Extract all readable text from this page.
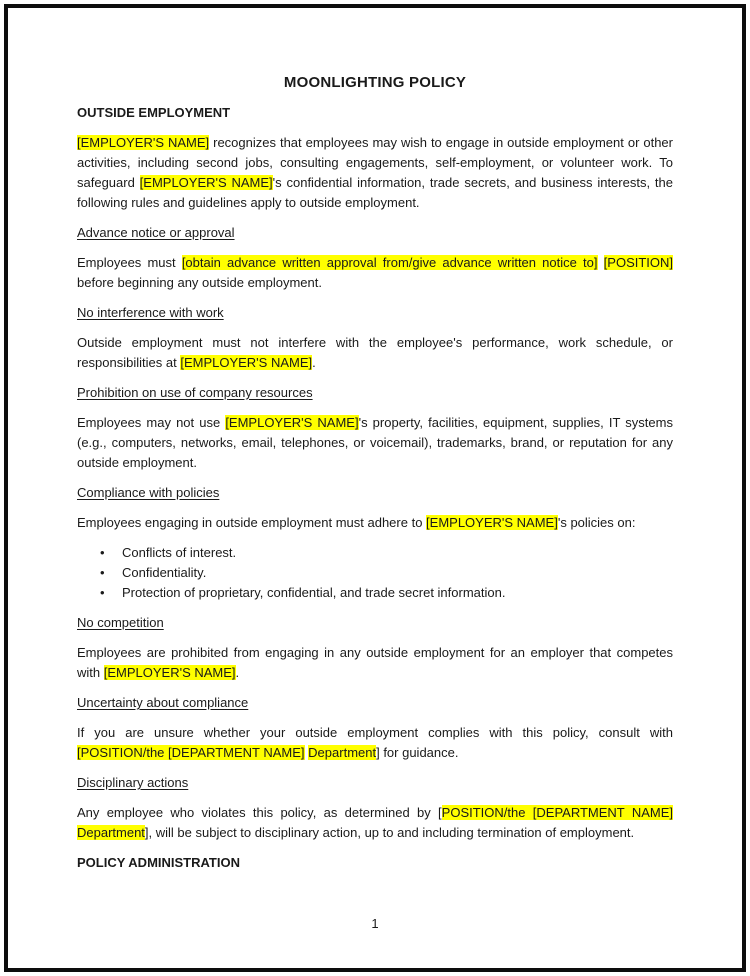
MOONLIGHTING POLICY

OUTSIDE EMPLOYMENT

[EMPLOYER'S NAME] recognizes that employees may wish to engage in outside employment or other activities, including second jobs, consulting engagements, self-employment, or volunteer work. To safeguard [EMPLOYER'S NAME]'s confidential information, trade secrets, and business interests, the following rules and guidelines apply to outside employment.

Advance notice or approval

Employees must [obtain advance written approval from/give advance written notice to] [POSITION] before beginning any outside employment.

No interference with work

Outside employment must not interfere with the employee's performance, work schedule, or responsibilities at [EMPLOYER'S NAME].

Prohibition on use of company resources

Employees may not use [EMPLOYER'S NAME]'s property, facilities, equipment, supplies, IT systems (e.g., computers, networks, email, telephones, or voicemail), trademarks, brand, or reputation for any outside employment.

Compliance with policies

Employees engaging in outside employment must adhere to [EMPLOYER'S NAME]'s policies on:

• Conflicts of interest.
• Confidentiality.
• Protection of proprietary, confidential, and trade secret information.

No competition

Employees are prohibited from engaging in any outside employment for an employer that competes with [EMPLOYER'S NAME].

Uncertainty about compliance

If you are unsure whether your outside employment complies with this policy, consult with [POSITION/the [DEPARTMENT NAME] Department] for guidance.

Disciplinary actions

Any employee who violates this policy, as determined by [POSITION/the [DEPARTMENT NAME] Department], will be subject to disciplinary action, up to and including termination of employment.

POLICY ADMINISTRATION

1
